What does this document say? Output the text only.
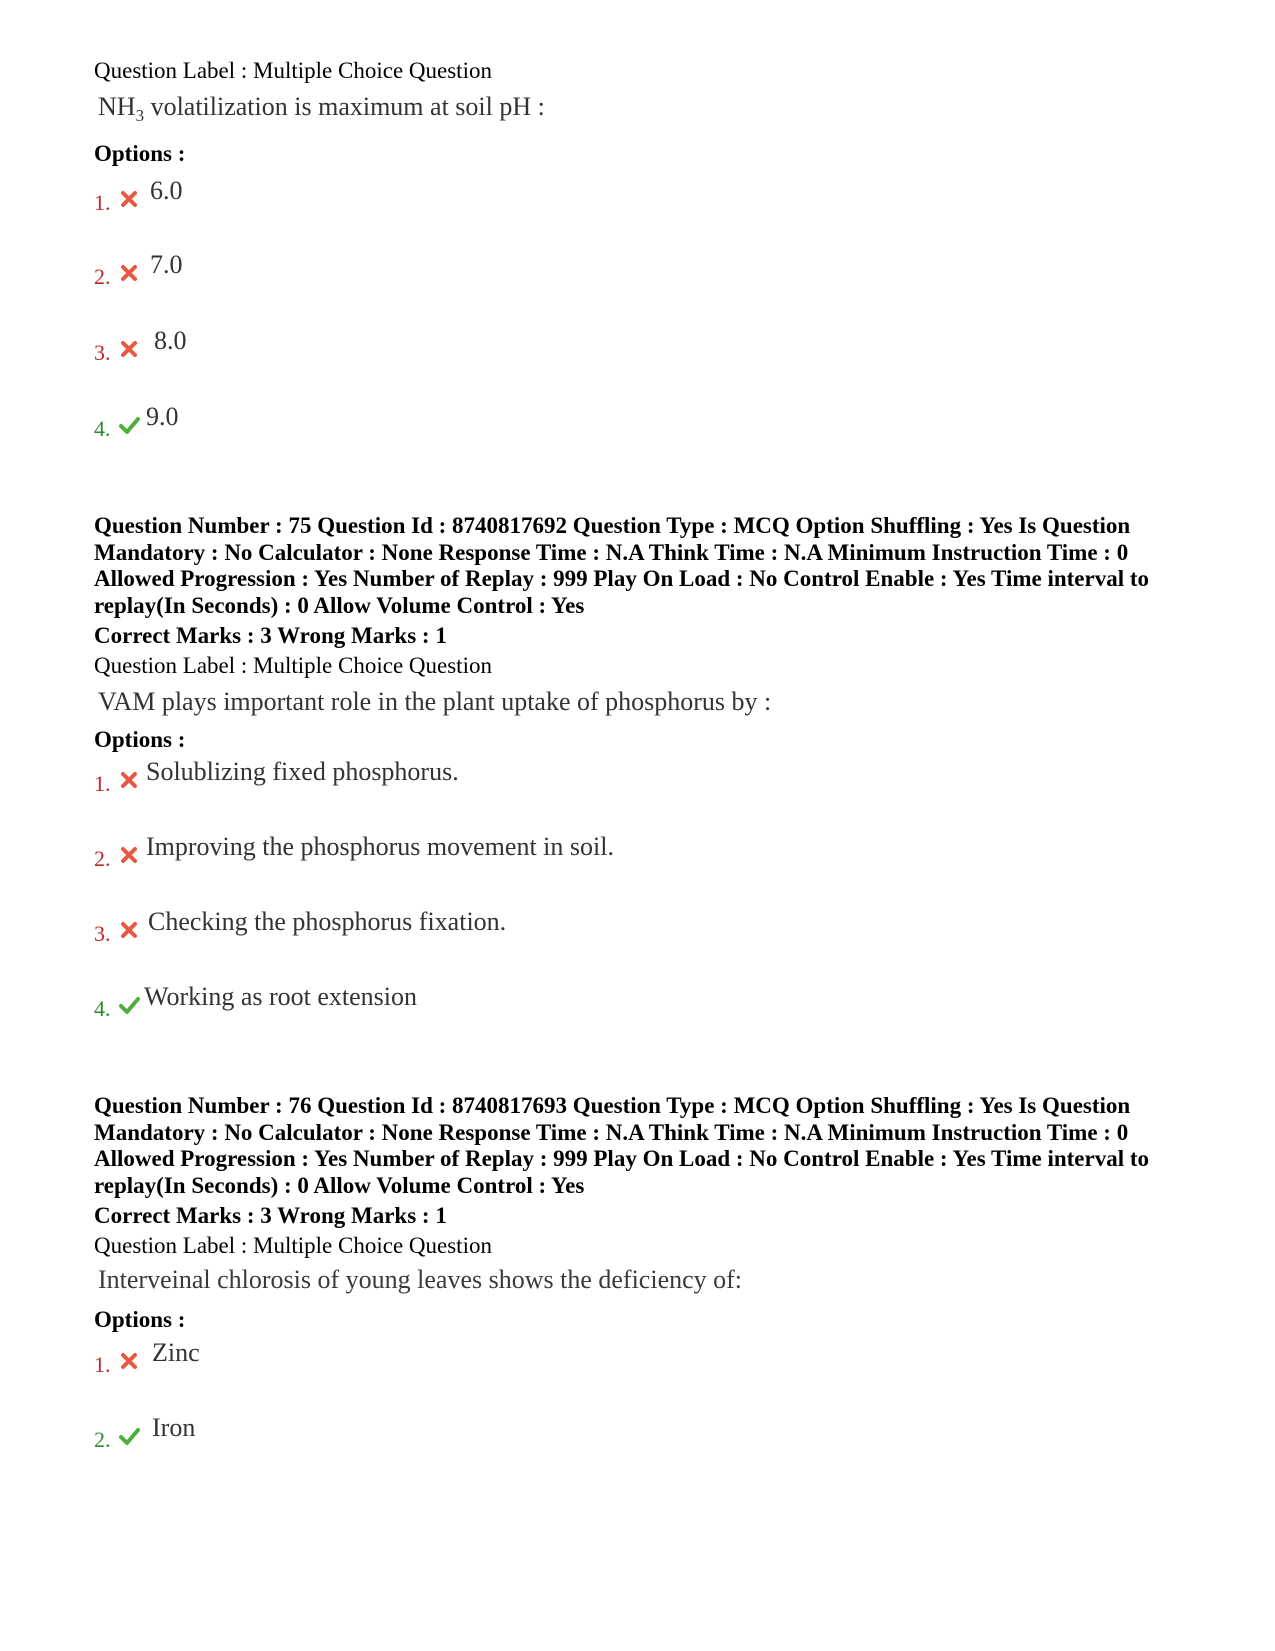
Question Label : Multiple Choice Question
$NH_3$ volatilization is maximum at soil pH :
Options :
1. 6.0
2. 7.0
3. 8.0
4. 9.0
Question Number : 75 Question Id : 8740817692 Question Type : MCQ Option Shuffling : Yes Is Question Mandatory : No Calculator : None Response Time : N.A Think Time : N.A Minimum Instruction Time : 0 Allowed Progression : Yes Number of Replay : 999 Play On Load : No Control Enable : Yes Time interval to replay(In Seconds) : 0 Allow Volume Control : Yes
Correct Marks : 3 Wrong Marks : 1
Question Label : Multiple Choice Question
VAM plays important role in the plant uptake of phosphorus by :
Options :
1. Solublizing fixed phosphorus.
2. Improving the phosphorus movement in soil.
3. Checking the phosphorus fixation.
4. Working as root extension
Question Number : 76 Question Id : 8740817693 Question Type : MCQ Option Shuffling : Yes Is Question Mandatory : No Calculator : None Response Time : N.A Think Time : N.A Minimum Instruction Time : 0 Allowed Progression : Yes Number of Replay : 999 Play On Load : No Control Enable : Yes Time interval to replay(In Seconds) : 0 Allow Volume Control : Yes
Correct Marks : 3 Wrong Marks : 1
Question Label : Multiple Choice Question
Interveinal chlorosis of young leaves shows the deficiency of:
Options :
1. Zinc
2. Iron
